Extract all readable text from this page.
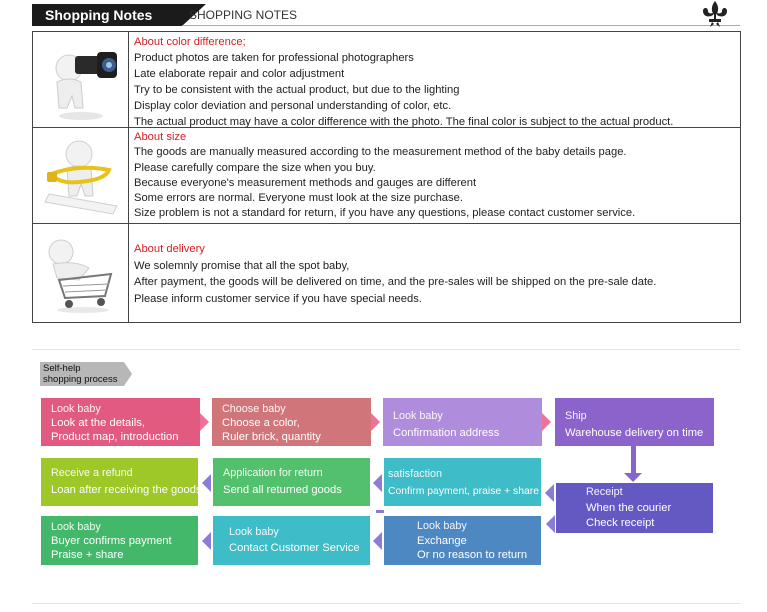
Shopping Notes	SHOPPING NOTES
About color difference;
Product photos are taken for professional photographers
Late elaborate repair and color adjustment
Try to be consistent with the actual product, but due to the lighting
Display color deviation and personal understanding of color, etc.
The actual product may have a color difference with the photo. The final color is subject to the actual product.
About size
The goods are manually measured according to the measurement method of the baby details page.
Please carefully compare the size when you buy.
Because everyone's measurement methods and gauges are different
Some errors are normal. Everyone must look at the size purchase.
Size problem is not a standard for return, if you have any questions, please contact customer service.
About delivery
We solemnly promise that all the spot baby,
After payment, the goods will be delivered on time, and the pre-sales will be shipped on the pre-sale date.
Please inform customer service if you have special needs.
Self-help
shopping process
Look baby
Look at the details,
Product map, introduction
Choose baby
Choose a color,
Ruler brick, quantity
Look baby
Confirmation address
Ship
Warehouse delivery on time
Receive a refund
Loan after receiving the goods
Application for return
Send all returned goods
satisfaction
Confirm payment, praise + share	Receipt
When the courier
Check receipt
Look baby
Buyer confirms payment
Praise + share
Look baby
Contact Customer Service
Look baby
Exchange
Or no reason to return
